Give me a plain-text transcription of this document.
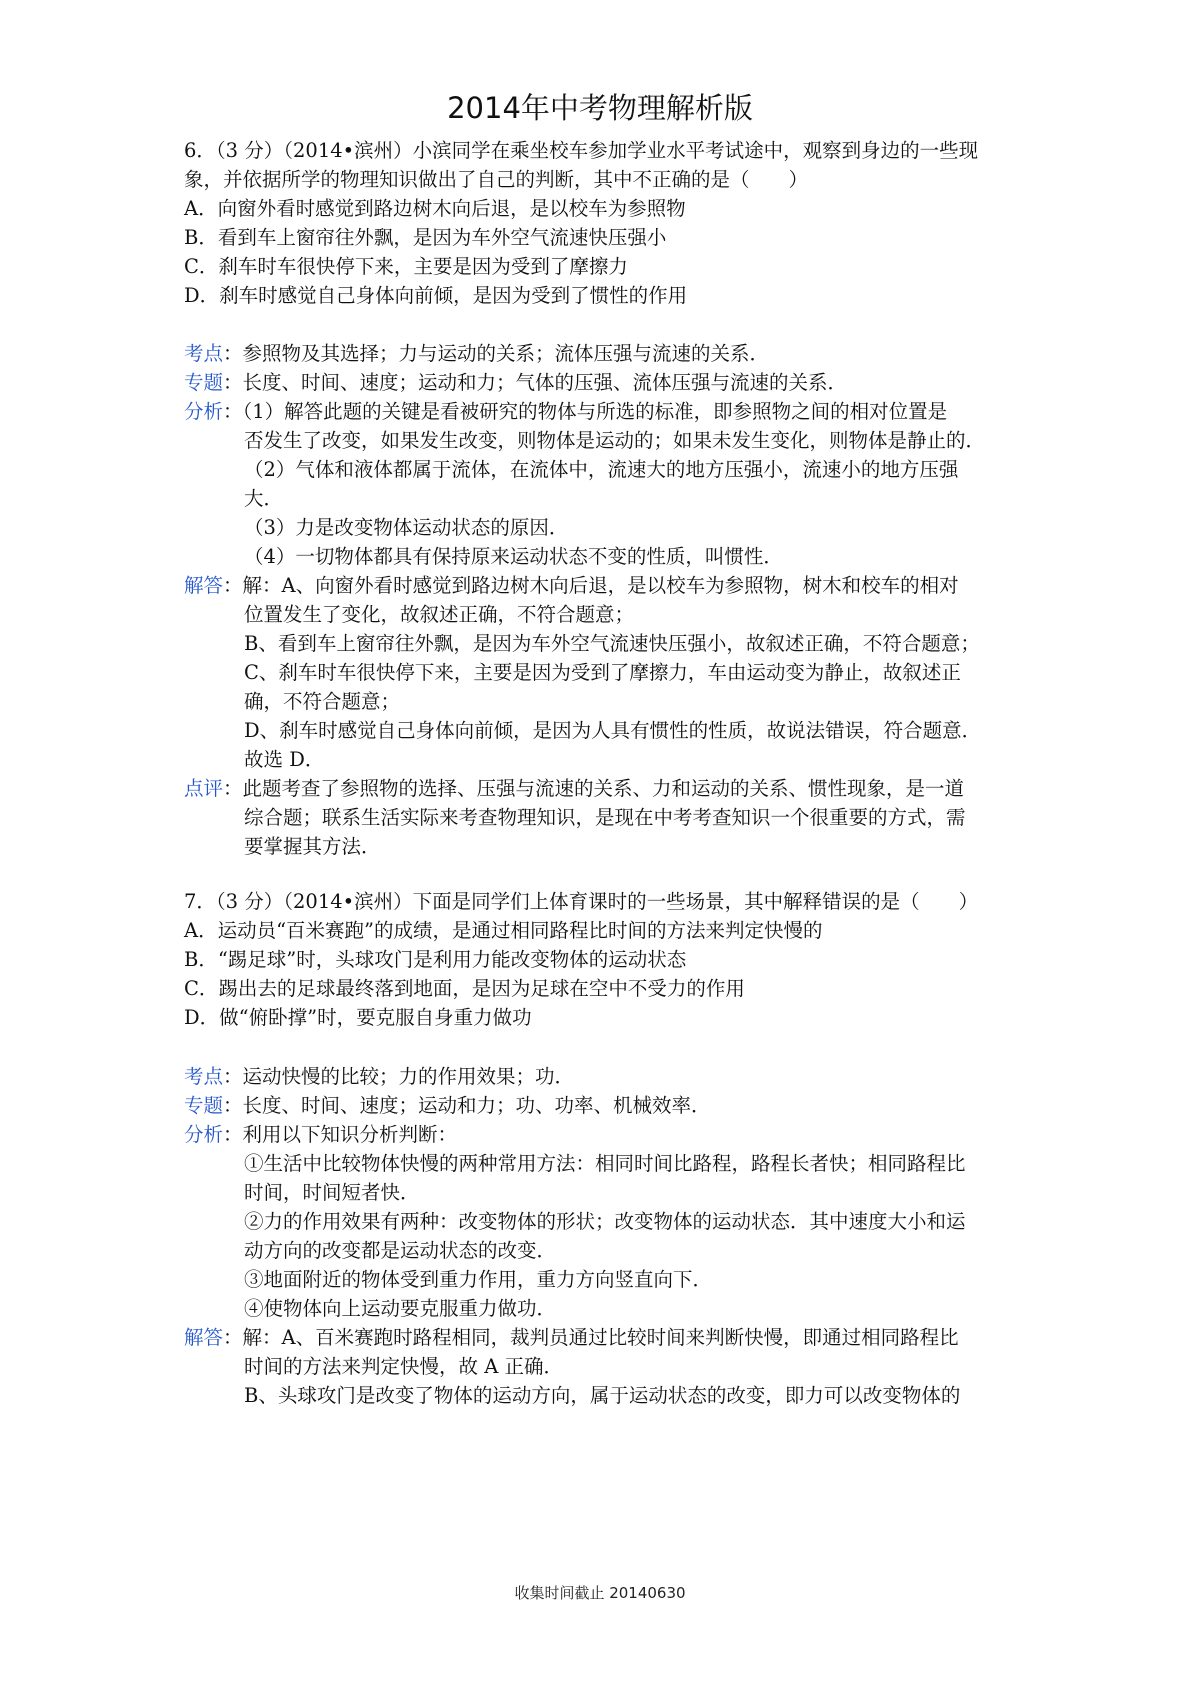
2014年中考物理解析版
6．（3 分）（2014•滨州）小滨同学在乘坐校车参加学业水平考试途中，观察到身边的一些现
象，并依据所学的物理知识做出了自己的判断，其中不正确的是（　　）
A．向窗外看时感觉到路边树木向后退，是以校车为参照物
B．看到车上窗帘往外飘，是因为车外空气流速快压强小
C．刹车时车很快停下来，主要是因为受到了摩擦力
D．刹车时感觉自己身体向前倾，是因为受到了惯性的作用
考点：参照物及其选择；力与运动的关系；流体压强与流速的关系．
专题：长度、时间、速度；运动和力；气体的压强、流体压强与流速的关系．
分析：（1）解答此题的关键是看被研究的物体与所选的标准，即参照物之间的相对位置是
否发生了改变，如果发生改变，则物体是运动的；如果未发生变化，则物体是静止的．
（2）气体和液体都属于流体，在流体中，流速大的地方压强小，流速小的地方压强
大．
（3）力是改变物体运动状态的原因．
（4）一切物体都具有保持原来运动状态不变的性质，叫惯性．
解答：解：A、向窗外看时感觉到路边树木向后退，是以校车为参照物，树木和校车的相对
位置发生了变化，故叙述正确，不符合题意；
B、看到车上窗帘往外飘，是因为车外空气流速快压强小，故叙述正确，不符合题意；
C、刹车时车很快停下来，主要是因为受到了摩擦力，车由运动变为静止，故叙述正
确，不符合题意；
D、刹车时感觉自己身体向前倾，是因为人具有惯性的性质，故说法错误，符合题意．
故选 D．
点评：此题考查了参照物的选择、压强与流速的关系、力和运动的关系、惯性现象，是一道
综合题；联系生活实际来考查物理知识，是现在中考考查知识一个很重要的方式，需
要掌握其方法．
7．（3 分）（2014•滨州）下面是同学们上体育课时的一些场景，其中解释错误的是（　　）
A．运动员“百米赛跑”的成绩，是通过相同路程比时间的方法来判定快慢的
B．“踢足球”时，头球攻门是利用力能改变物体的运动状态
C．踢出去的足球最终落到地面，是因为足球在空中不受力的作用
D．做“俯卧撑”时，要克服自身重力做功
考点：运动快慢的比较；力的作用效果；功．
专题：长度、时间、速度；运动和力；功、功率、机械效率．
分析：利用以下知识分析判断：
①生活中比较物体快慢的两种常用方法：相同时间比路程，路程长者快；相同路程比
时间，时间短者快．
②力的作用效果有两种：改变物体的形状；改变物体的运动状态．其中速度大小和运
动方向的改变都是运动状态的改变．
③地面附近的物体受到重力作用，重力方向竖直向下．
④使物体向上运动要克服重力做功．
解答：解：A、百米赛跑时路程相同，裁判员通过比较时间来判断快慢，即通过相同路程比
时间的方法来判定快慢，故 A 正确．
B、头球攻门是改变了物体的运动方向，属于运动状态的改变，即力可以改变物体的
收集时间截止 20140630
